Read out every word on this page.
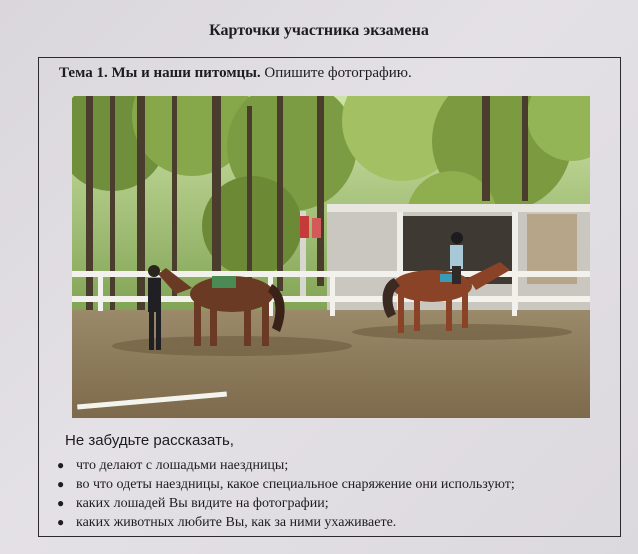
Карточки участника экзамена
Тема 1. Мы и наши питомцы. Опишите фотографию.
Не забудьте рассказать,
● что делают с лошадьми наездницы;
● во что одеты наездницы, какое специальное снаряжение они используют;
● каких лошадей Вы видите на фотографии;
● каких животных любите Вы, как за ними ухаживаете.
